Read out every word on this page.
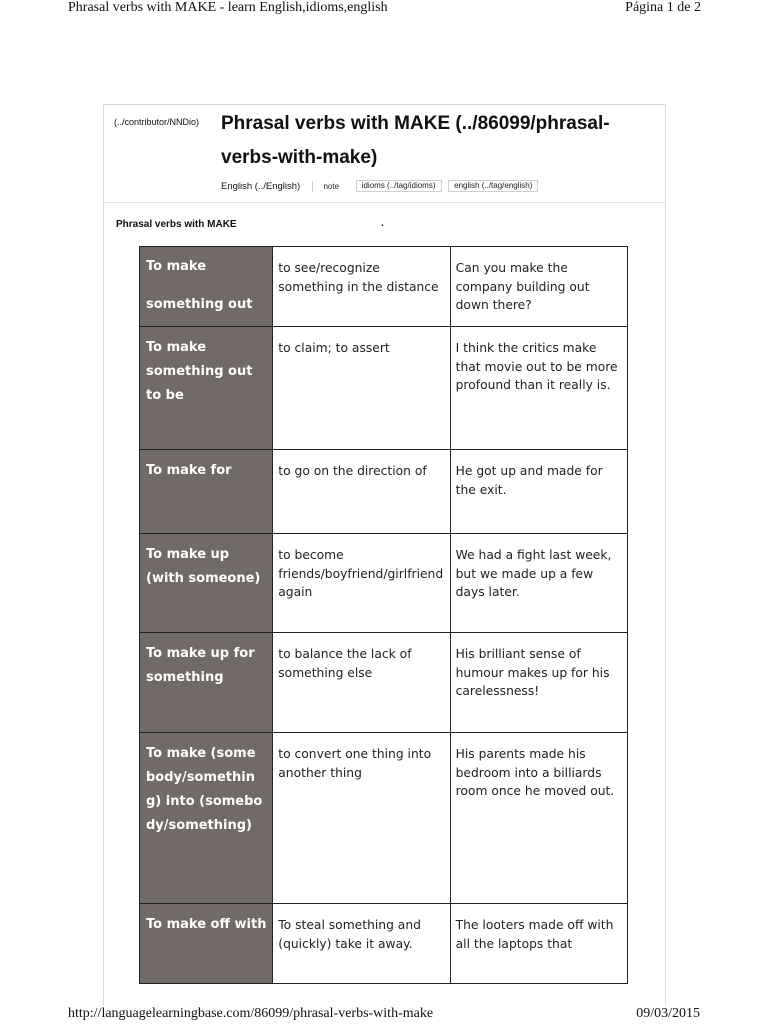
Phrasal verbs with MAKE - learn English,idioms,english	Página 1 de 2
(../contributor/NNDio) Phrasal verbs with MAKE (../86099/phrasal-verbs-with-make)
English (../English)	note	idioms (../tag/idioms) english (../tag/english)
Phrasal verbs with MAKE	.
To make something out	to see/recognize something in the distance	Can you make the company building out down there?
To make something out to be	to claim; to assert	I think the critics make that movie out to be more profound than it really is.
To make for	to go on the direction of	He got up and made for the exit.
To make up (with someone)	to become friends/boyfriend/girlfriend again	We had a fight last week, but we made up a few days later.
To make up for something	to balance the lack of something else	His brilliant sense of humour makes up for his carelessness!

To make (somebody/something) into (somebody/something)	to convert one thing into another thing	His parents made his bedroom into a billiards room once he moved out.
To make off with	To steal something and (quickly) take it away.	The looters made off with all the laptops that
http://languagelearningbase.com/86099/phrasal-verbs-with-make	09/03/2015
